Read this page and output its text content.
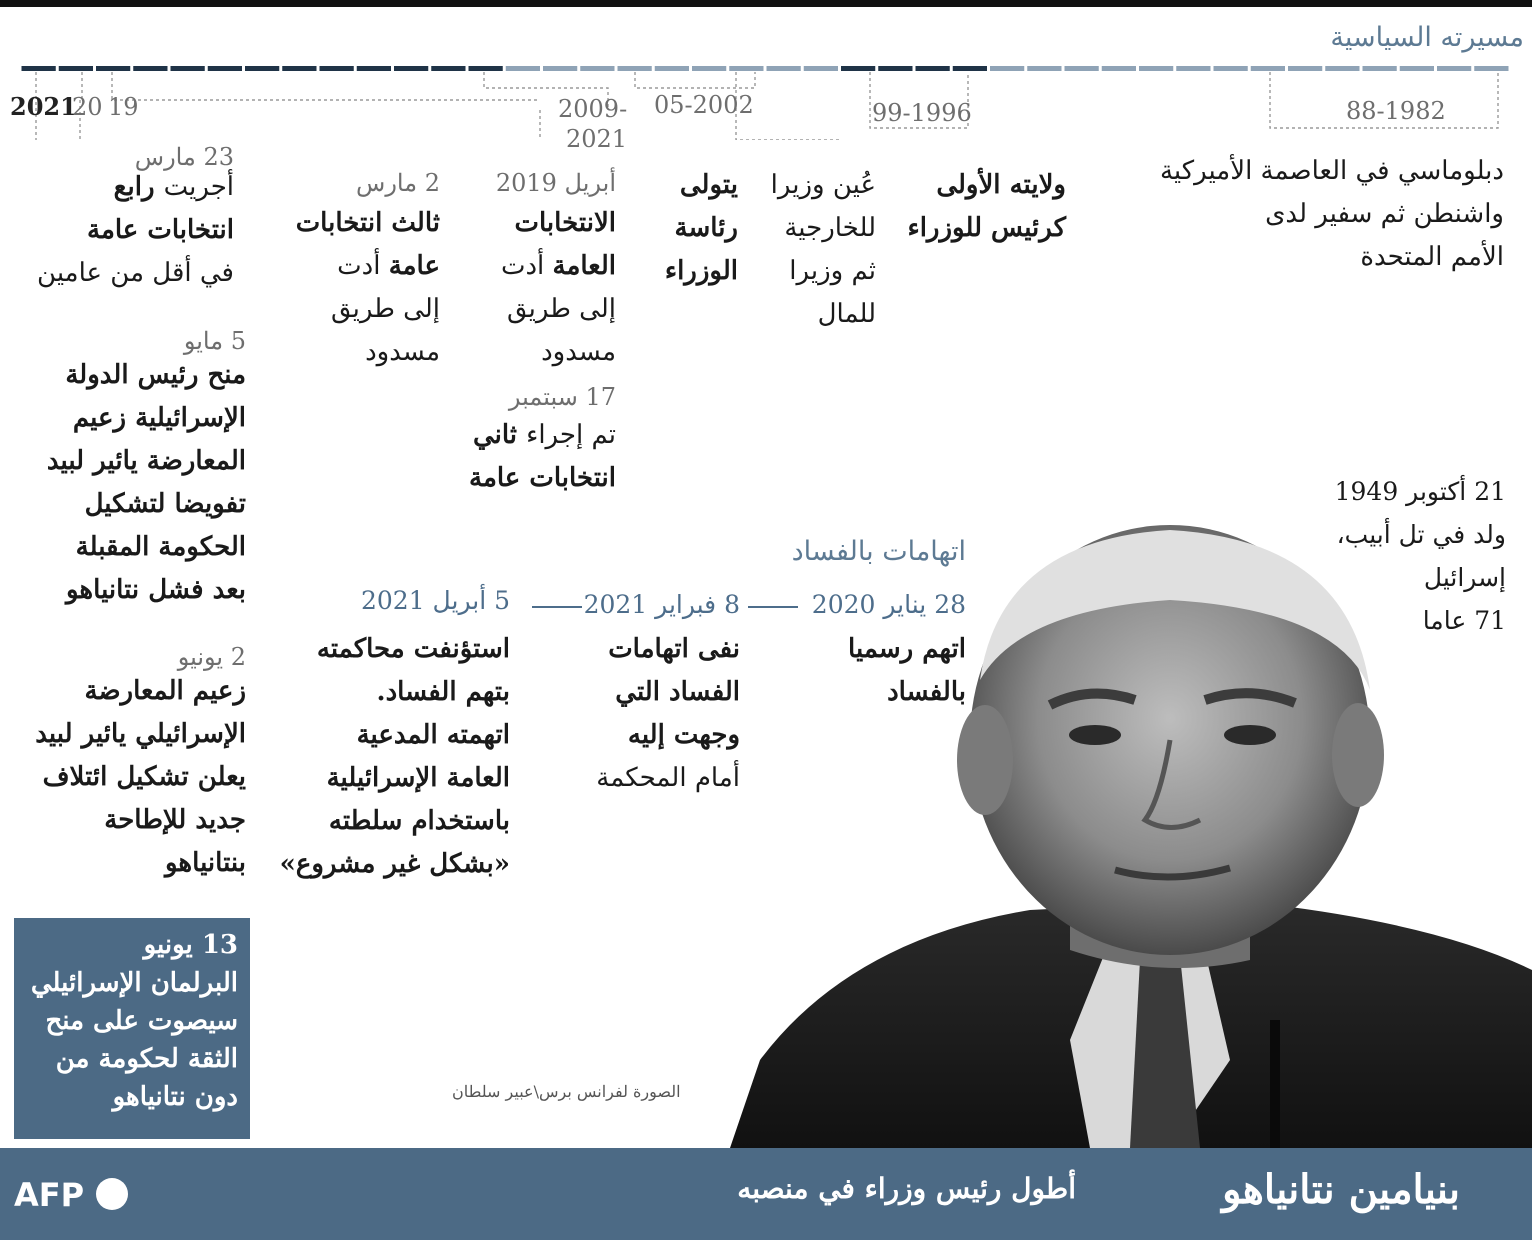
مسيرته السياسية
2021
20 19	-2009
2021
05-2002	99-1996	88-1982
دبلوماسي في العاصمة الأميركية
واشنطن ثم سفير لدى
الأمم المتحدة
ولايته الأولى
كرئيس للوزراء
عُين وزيرا
للخارجية
ثم وزيرا
للمال
يتولى
رئاسة
الوزراء
أبريل 2019
الانتخابات
العامة أدت
إلى طريق
مسدود
17 سبتمبر
تم إجراء ثاني
انتخابات عامة
2 مارس
ثالث انتخابات
عامة أدت
إلى طريق
مسدود
23 مارس
أجريت رابع
انتخابات عامة
في أقل من عامين
5 مايو
منح رئيس الدولة
الإسرائيلية زعيم
المعارضة يائير لبيد
تفويضا لتشكيل
الحكومة المقبلة
بعد فشل نتانياهو
2 يونيو
زعيم المعارضة
الإسرائيلي يائير لبيد
يعلن تشكيل ائتلاف
جديد للإطاحة
بنتانياهو
13 يونيو
البرلمان الإسرائيلي
سيصوت على منح
الثقة لحكومة من
دون نتانياهو
21 أكتوبر 1949
ولد في تل أبيب،
إسرائيل
71 عاما
اتهامات بالفساد
28 يناير 2020
8 فبراير 2021
5 أبريل 2021
اتهم رسميا
بالفساد
نفى اتهامات
الفساد التي
وجهت إليه
أمام المحكمة
استؤنفت محاكمته
بتهم الفساد.
اتهمته المدعية
العامة الإسرائيلية
باستخدام سلطته
«بشكل غير مشروع»
الصورة لفرانس برس\عبير سلطان
بنيامين نتانياهو
أطول رئيس وزراء في منصبه
AFP
